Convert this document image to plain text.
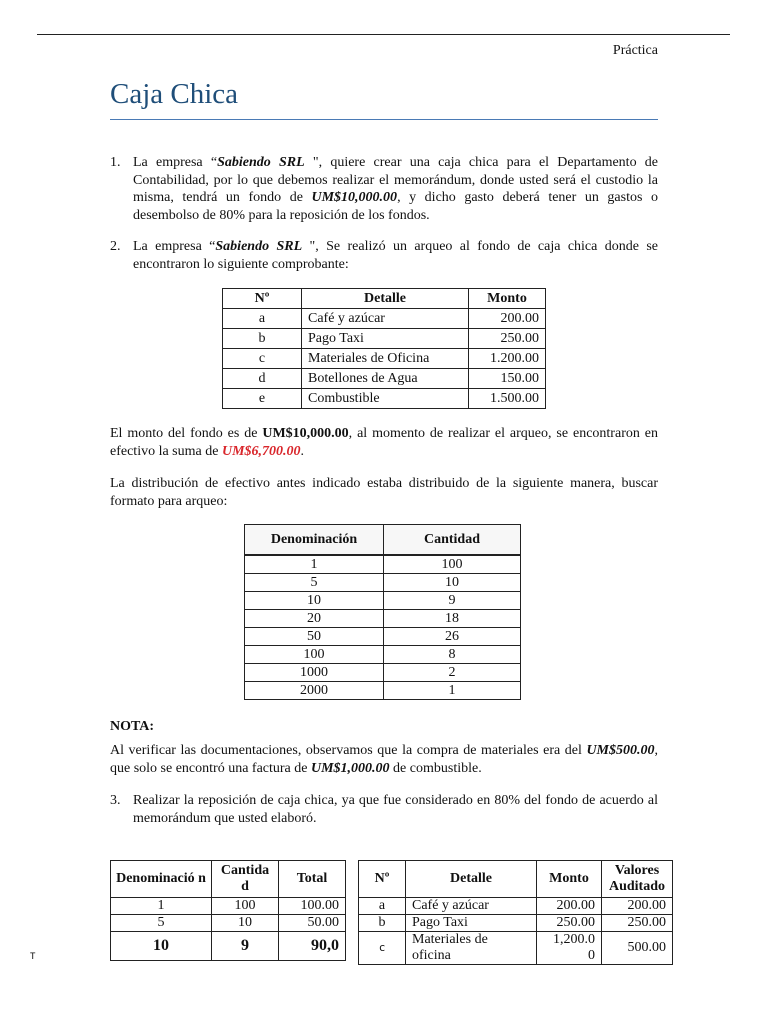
Práctica
Caja Chica
1. La empresa “Sabiendo SRL ", quiere crear una caja chica para el Departamento de Contabilidad, por lo que debemos realizar el memorándum, donde usted será el custodio la misma, tendrá un fondo de UM$10,000.00, y dicho gasto deberá tener un gastos o desembolso de 80% para la reposición de los fondos.
2. La empresa “Sabiendo SRL ", Se realizó un arqueo al fondo de caja chica donde se encontraron lo siguiente comprobante:
Nº	Detalle	Monto
a	Café y azúcar	200.00
b	Pago Taxi	250.00
c	Materiales de Oficina	1.200.00
d	Botellones de Agua	150.00
e	Combustible	1.500.00

El monto del fondo es de UM$10,000.00, al momento de realizar el arqueo, se encontraron en efectivo la suma de UM$6,700.00.

La distribución de efectivo antes indicado estaba distribuido de la siguiente manera, buscar formato para arqueo:

Denominación	Cantidad
1	100
5	10
10	9
20	18
50	26
100	8
1000	2
2000	1

NOTA:

Al verificar las documentaciones, observamos que la compra de materiales era del UM$500.00, que solo se encontró una factura de UM$1,000.00 de combustible.

3. Realizar la reposición de caja chica, ya que fue considerado en 80% del fondo de acuerdo al memorándum que usted elaboró.
Denominació n	Cantida d	Total
1	100	100.00
5	10	50.00
10	9	90,0
Nº	Detalle	Monto	Valores Auditado
a	Café y azúcar	200.00	200.00
b	Pago Taxi	250.00	250.00
c	Materiales de oficina	1,200.0 0	500.00
T
